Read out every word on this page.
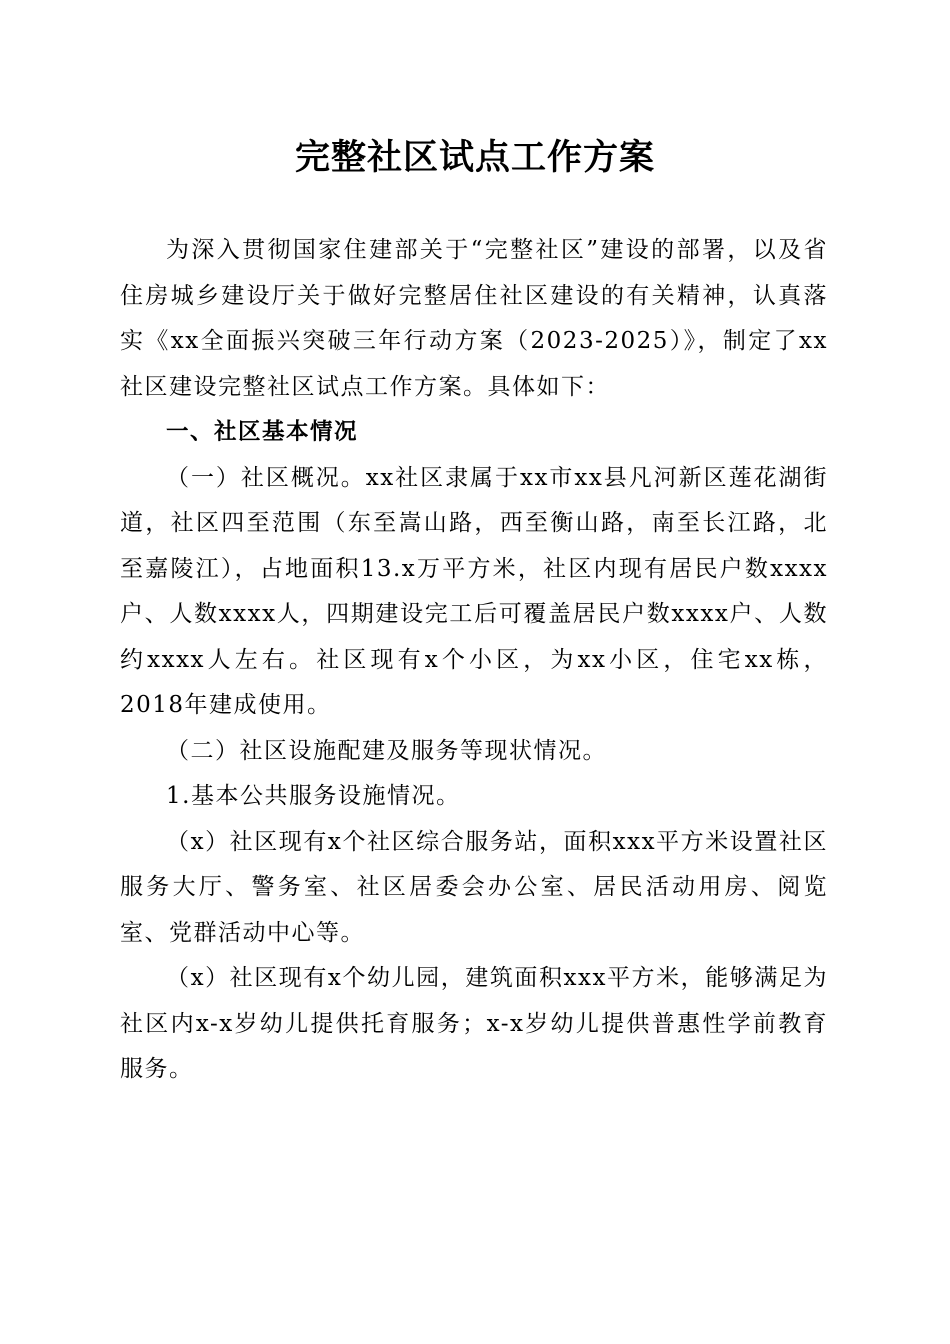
完整社区试点工作方案

为深入贯彻国家住建部关于“完整社区”建设的部署，以及省住房城乡建设厅关于做好完整居住社区建设的有关精神，认真落实《xx全面振兴突破三年行动方案（2023-2025）》，制定了xx社区建设完整社区试点工作方案。具体如下：

一、社区基本情况

（一）社区概况。xx社区隶属于xx市xx县凡河新区莲花湖街道，社区四至范围（东至嵩山路，西至衡山路，南至长江路，北至嘉陵江），占地面积13.x万平方米，社区内现有居民户数xxxx户、人数xxxx人，四期建设完工后可覆盖居民户数xxxx户、人数约xxxx人左右。社区现有x个小区，为xx小区，住宅xx栋，2018年建成使用。

（二）社区设施配建及服务等现状情况。

1.基本公共服务设施情况。

（x）社区现有x个社区综合服务站，面积xxx平方米设置社区服务大厅、警务室、社区居委会办公室、居民活动用房、阅览室、党群活动中心等。

（x）社区现有x个幼儿园，建筑面积xxx平方米，能够满足为社区内x-x岁幼儿提供托育服务；x-x岁幼儿提供普惠性学前教育服务。
